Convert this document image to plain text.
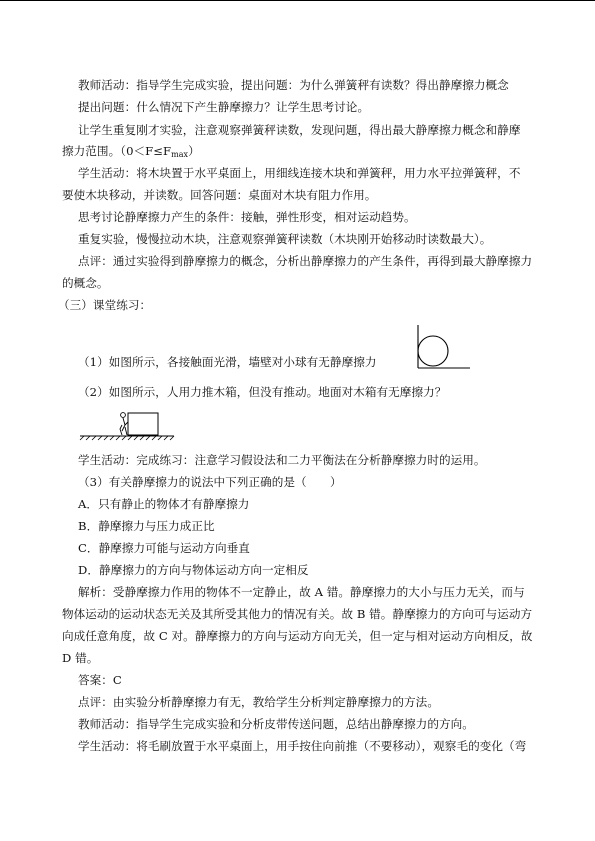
教师活动：指导学生完成实验，提出问题：为什么弹簧秤有读数？得出静摩擦力概念
提出问题：什么情况下产生静摩擦力？让学生思考讨论。
让学生重复刚才实验，注意观察弹簧秤读数，发现问题，得出最大静摩擦力概念和静摩
擦力范围。$(0<F\le F_{max})$
学生活动：将木块置于水平桌面上，用细线连接木块和弹簧秤，用力水平拉弹簧秤，不
要使木块移动，并读数。回答问题：桌面对木块有阻力作用。
思考讨论静摩擦力产生的条件：接触，弹性形变，相对运动趋势。
重复实验，慢慢拉动木块，注意观察弹簧秤读数（木块刚开始移动时读数最大）。
点评：通过实验得到静摩擦力的概念，分析出静摩擦力的产生条件，再得到最大静摩擦力
的概念。
（三）课堂练习：
（1）如图所示，各接触面光滑，墙壁对小球有无静摩擦力
（2）如图所示，人用力推木箱，但没有推动。地面对木箱有无摩擦力？
学生活动：完成练习：注意学习假设法和二力平衡法在分析静摩擦力时的运用。
（3）有关静摩擦力的说法中下列正确的是（　　）
A．只有静止的物体才有静摩擦力
B．静摩擦力与压力成正比
C．静摩擦力可能与运动方向垂直
D．静摩擦力的方向与物体运动方向一定相反
解析：受静摩擦力作用的物体不一定静止，故 A 错。静摩擦力的大小与压力无关，而与
物体运动的运动状态无关及其所受其他力的情况有关。故 B 错。静摩擦力的方向可与运动方
向成任意角度，故 C 对。静摩擦力的方向与运动方向无关，但一定与相对运动方向相反，故
D 错。
答案：C
点评：由实验分析静摩擦力有无，教给学生分析判定静摩擦力的方法。
教师活动：指导学生完成实验和分析皮带传送问题，总结出静摩擦力的方向。
学生活动：将毛刷放置于水平桌面上，用手按住向前推（不要移动），观察毛的变化（弯
